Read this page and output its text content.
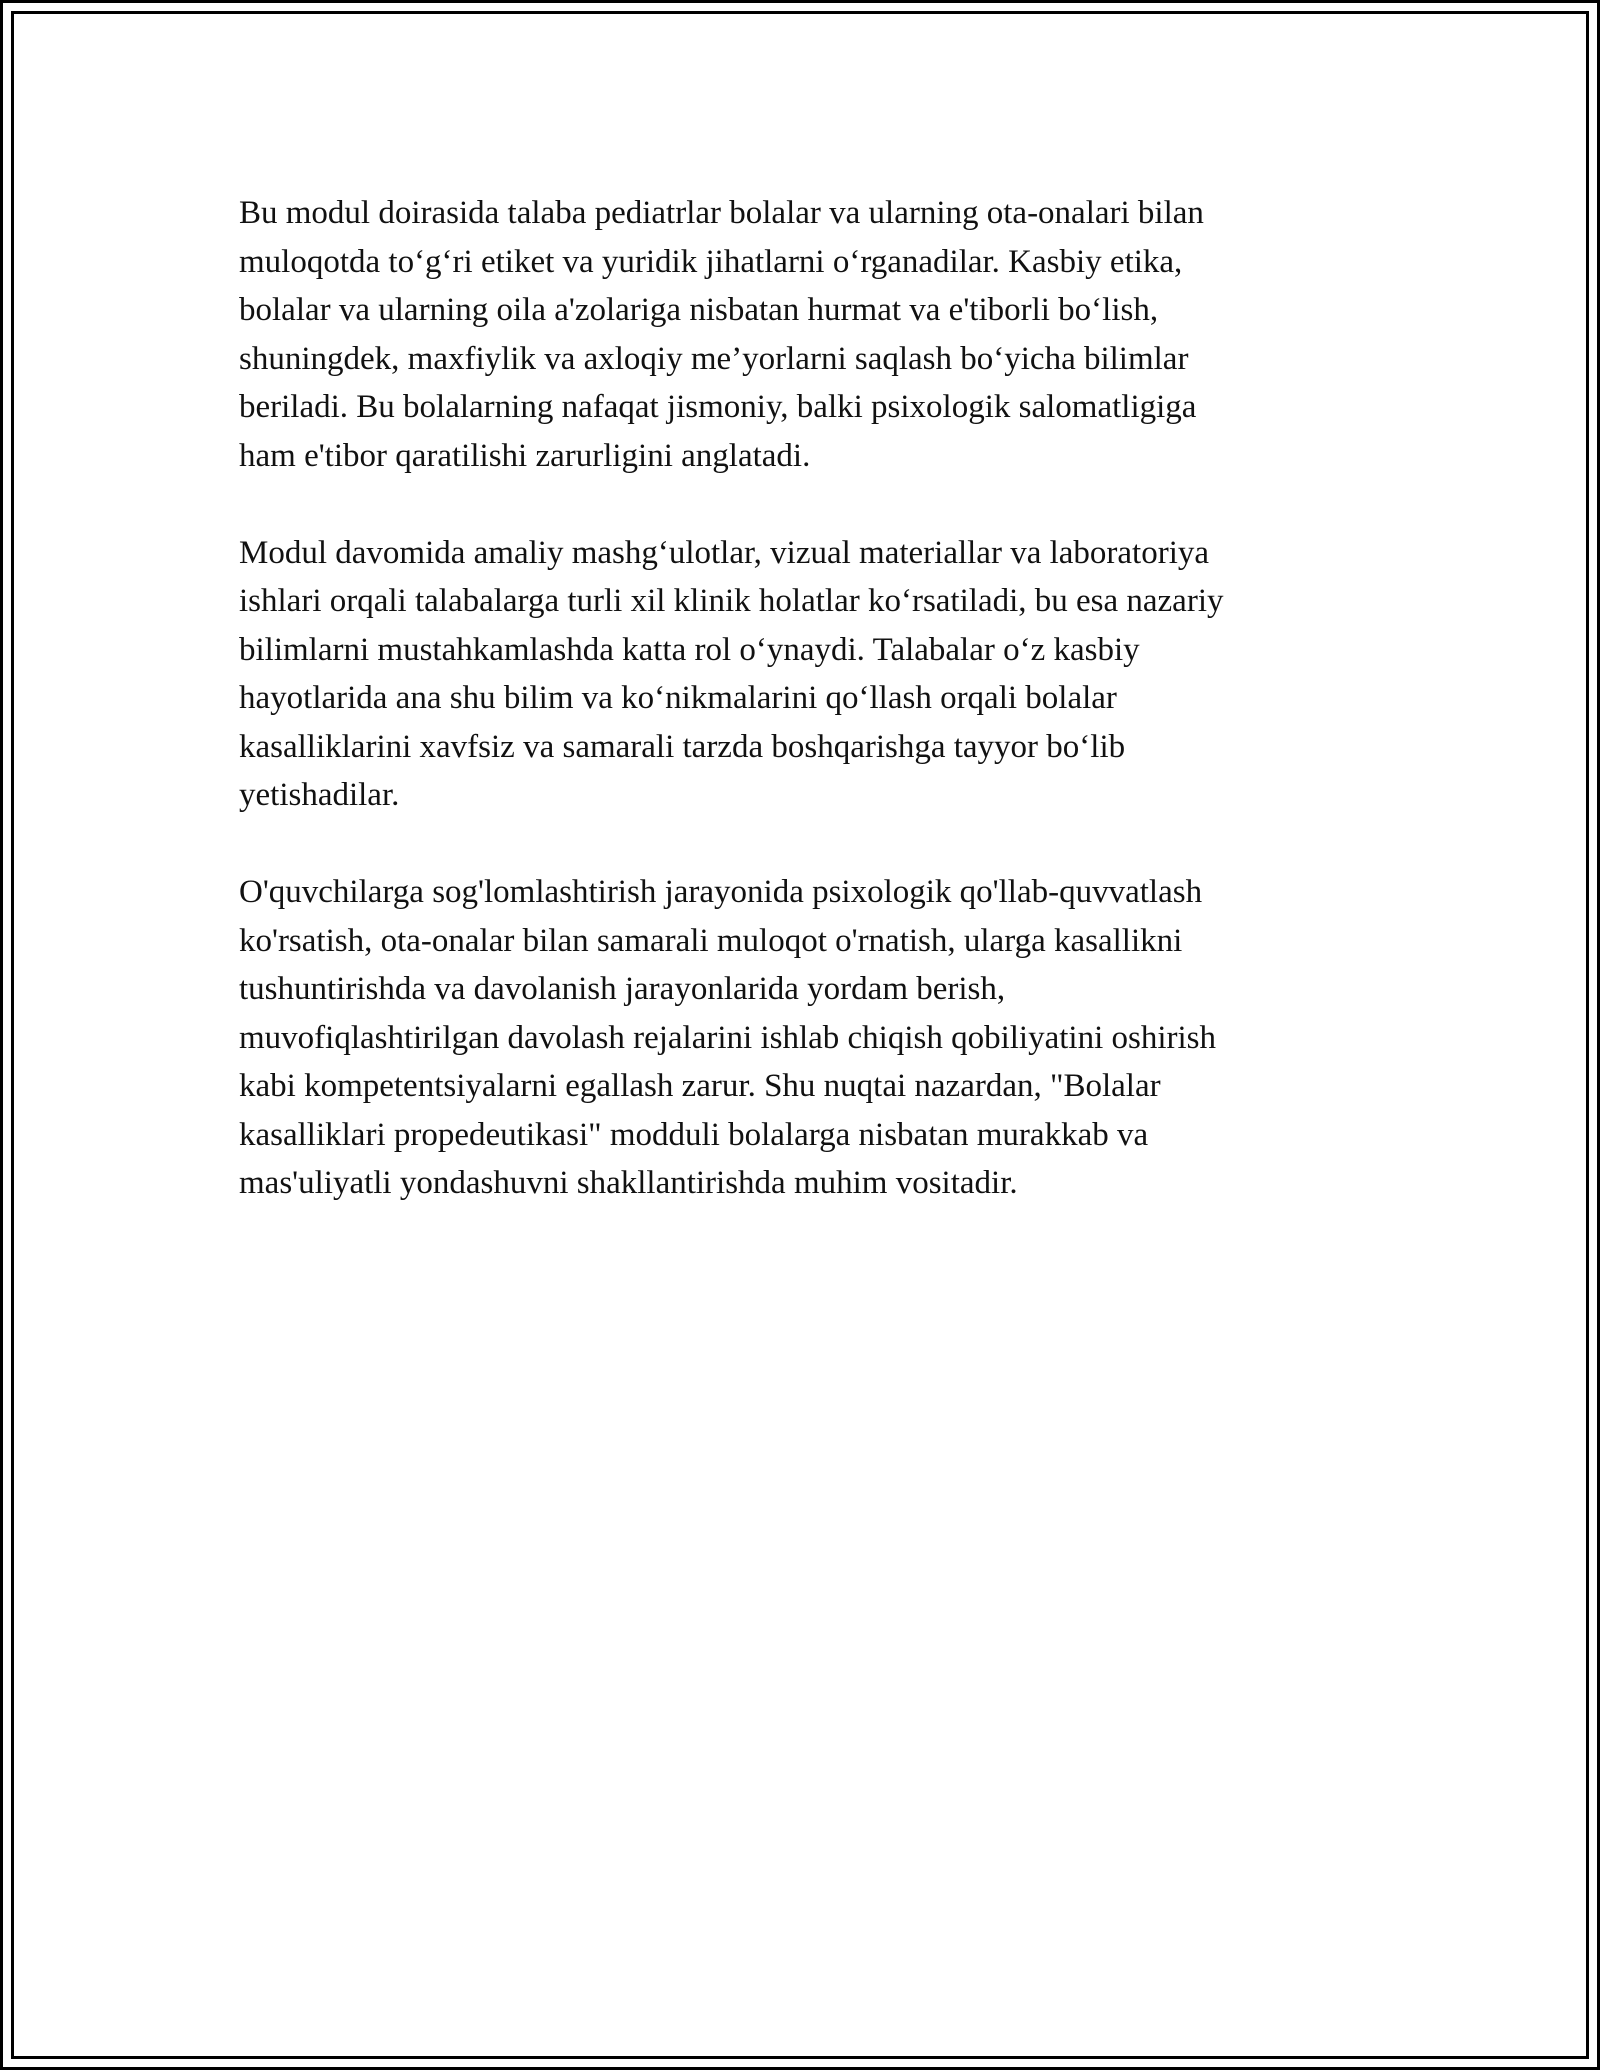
Bu modul doirasida talaba pediatrlar bolalar va ularning ota-onalari bilan
muloqotda to‘g‘ri etiket va yuridik jihatlarni o‘rganadilar. Kasbiy etika,
bolalar va ularning oila a'zolariga nisbatan hurmat va e'tiborli bo‘lish,
shuningdek, maxfiylik va axloqiy me’yorlarni saqlash bo‘yicha bilimlar
beriladi. Bu bolalarning nafaqat jismoniy, balki psixologik salomatligiga
ham e'tibor qaratilishi zarurligini anglatadi.
Modul davomida amaliy mashg‘ulotlar, vizual materiallar va laboratoriya
ishlari orqali talabalarga turli xil klinik holatlar ko‘rsatiladi, bu esa nazariy
bilimlarni mustahkamlashda katta rol o‘ynaydi. Talabalar o‘z kasbiy
hayotlarida ana shu bilim va ko‘nikmalarini qo‘llash orqali bolalar
kasalliklarini xavfsiz va samarali tarzda boshqarishga tayyor bo‘lib
yetishadilar.
O'quvchilarga sog'lomlashtirish jarayonida psixologik qo'llab-quvvatlash
ko'rsatish, ota-onalar bilan samarali muloqot o'rnatish, ularga kasallikni
tushuntirishda va davolanish jarayonlarida yordam berish,
muvofiqlashtirilgan davolash rejalarini ishlab chiqish qobiliyatini oshirish
kabi kompetentsiyalarni egallash zarur. Shu nuqtai nazardan, "Bolalar
kasalliklari propedeutikasi" modduli bolalarga nisbatan murakkab va
mas'uliyatli yondashuvni shakllantirishda muhim vositadir.
